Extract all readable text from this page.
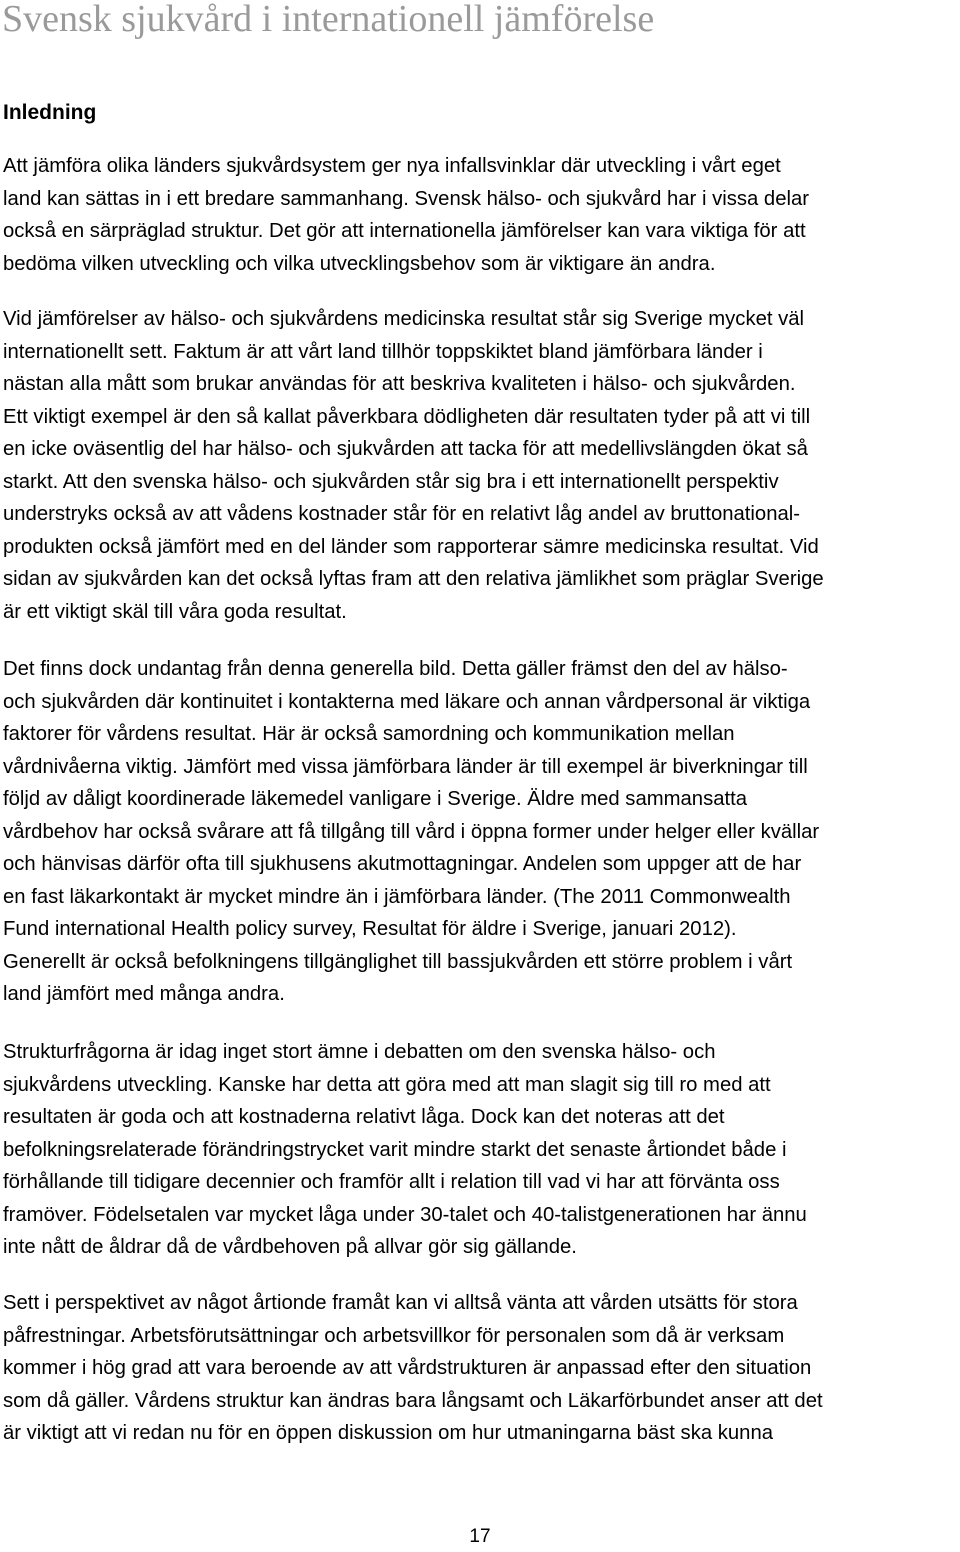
Svensk sjukvård i internationell jämförelse
Inledning

Att jämföra olika länders sjukvårdsystem ger nya infallsvinklar där utveckling i vårt eget
land kan sättas in i ett bredare sammanhang. Svensk hälso- och sjukvård har i vissa delar
också en särpräglad struktur. Det gör att internationella jämförelser kan vara viktiga för att
bedöma vilken utveckling och vilka utvecklingsbehov som är viktigare än andra.

Vid jämförelser av hälso- och sjukvårdens medicinska resultat står sig Sverige mycket väl
internationellt sett. Faktum är att vårt land tillhör toppskiktet bland jämförbara länder i
nästan alla mått som brukar användas för att beskriva kvaliteten i hälso- och sjukvården.
Ett viktigt exempel är den så kallat påverkbara dödligheten där resultaten tyder på att vi till
en icke oväsentlig del har hälso- och sjukvården att tacka för att medellivslängden ökat så
starkt. Att den svenska hälso- och sjukvården står sig bra i ett internationellt perspektiv
understryks också av att vådens kostnader står för en relativt låg andel av bruttonational-
produkten också jämfört med en del länder som rapporterar sämre medicinska resultat. Vid
sidan av sjukvården kan det också lyftas fram att den relativa jämlikhet som präglar Sverige
är ett viktigt skäl till våra goda resultat.

Det finns dock undantag från denna generella bild. Detta gäller främst den del av hälso-
och sjukvården där kontinuitet i kontakterna med läkare och annan vårdpersonal är viktiga
faktorer för vårdens resultat. Här är också samordning och kommunikation mellan
vårdnivåerna viktig. Jämfört med vissa jämförbara länder är till exempel är biverkningar till
följd av dåligt koordinerade läkemedel vanligare i Sverige. Äldre med sammansatta
vårdbehov har också svårare att få tillgång till vård i öppna former under helger eller kvällar
och hänvisas därför ofta till sjukhusens akutmottagningar. Andelen som uppger att de har
en fast läkarkontakt är mycket mindre än i jämförbara länder. (The 2011 Commonwealth
Fund international Health policy survey, Resultat för äldre i Sverige, januari 2012).
Generellt är också befolkningens tillgänglighet till bassjukvården ett större problem i vårt
land jämfört med många andra.

Strukturfrågorna är idag inget stort ämne i debatten om den svenska hälso- och
sjukvårdens utveckling. Kanske har detta att göra med att man slagit sig till ro med att
resultaten är goda och att kostnaderna relativt låga. Dock kan det noteras att det
befolkningsrelaterade förändringstrycket varit mindre starkt det senaste årtiondet både i
förhållande till tidigare decennier och framför allt i relation till vad vi har att förvänta oss
framöver. Födelsetalen var mycket låga under 30-talet och 40-talistgenerationen har ännu
inte nått de åldrar då de vårdbehoven på allvar gör sig gällande.

Sett i perspektivet av något årtionde framåt kan vi alltså vänta att vården utsätts för stora
påfrestningar. Arbetsförutsättningar och arbetsvillkor för personalen som då är verksam
kommer i hög grad att vara beroende av att vårdstrukturen är anpassad efter den situation
som då gäller. Vårdens struktur kan ändras bara långsamt och Läkarförbundet anser att det
är viktigt att vi redan nu för en öppen diskussion om hur utmaningarna bäst ska kunna

17
